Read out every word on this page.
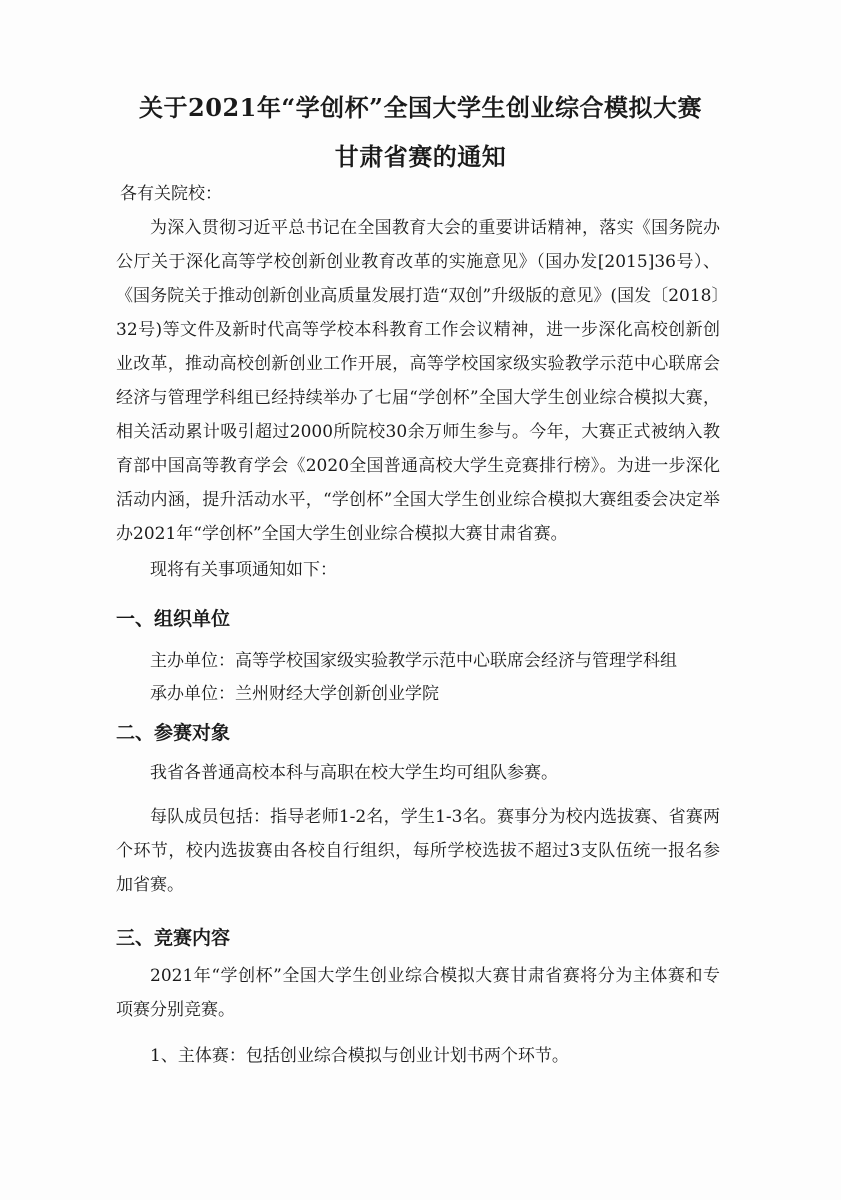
关于2021年“学创杯”全国大学生创业综合模拟大赛
甘肃省赛的通知
各有关院校：

为深入贯彻习近平总书记在全国教育大会的重要讲话精神，落实《国务院办公厅关于深化高等学校创新创业教育改革的实施意见》（国办发[2015]36号）、《国务院关于推动创新创业高质量发展打造“双创”升级版的意见》(国发〔2018〕32号)等文件及新时代高等学校本科教育工作会议精神，进一步深化高校创新创业改革，推动高校创新创业工作开展，高等学校国家级实验教学示范中心联席会经济与管理学科组已经持续举办了七届“学创杯”全国大学生创业综合模拟大赛，相关活动累计吸引超过2000所院校30余万师生参与。今年，大赛正式被纳入教育部中国高等教育学会《2020全国普通高校大学生竞赛排行榜》。为进一步深化活动内涵，提升活动水平，“学创杯”全国大学生创业综合模拟大赛组委会决定举办2021年“学创杯”全国大学生创业综合模拟大赛甘肃省赛。

现将有关事项通知如下：

一、组织单位
主办单位：高等学校国家级实验教学示范中心联席会经济与管理学科组
承办单位：兰州财经大学创新创业学院
二、参赛对象
我省各普通高校本科与高职在校大学生均可组队参赛。

每队成员包括：指导老师1-2名，学生1-3名。赛事分为校内选拔赛、省赛两个环节，校内选拔赛由各校自行组织，每所学校选拔不超过3支队伍统一报名参加省赛。

三、竞赛内容

2021年“学创杯”全国大学生创业综合模拟大赛甘肃省赛将分为主体赛和专项赛分别竞赛。

1、主体赛：包括创业综合模拟与创业计划书两个环节。
